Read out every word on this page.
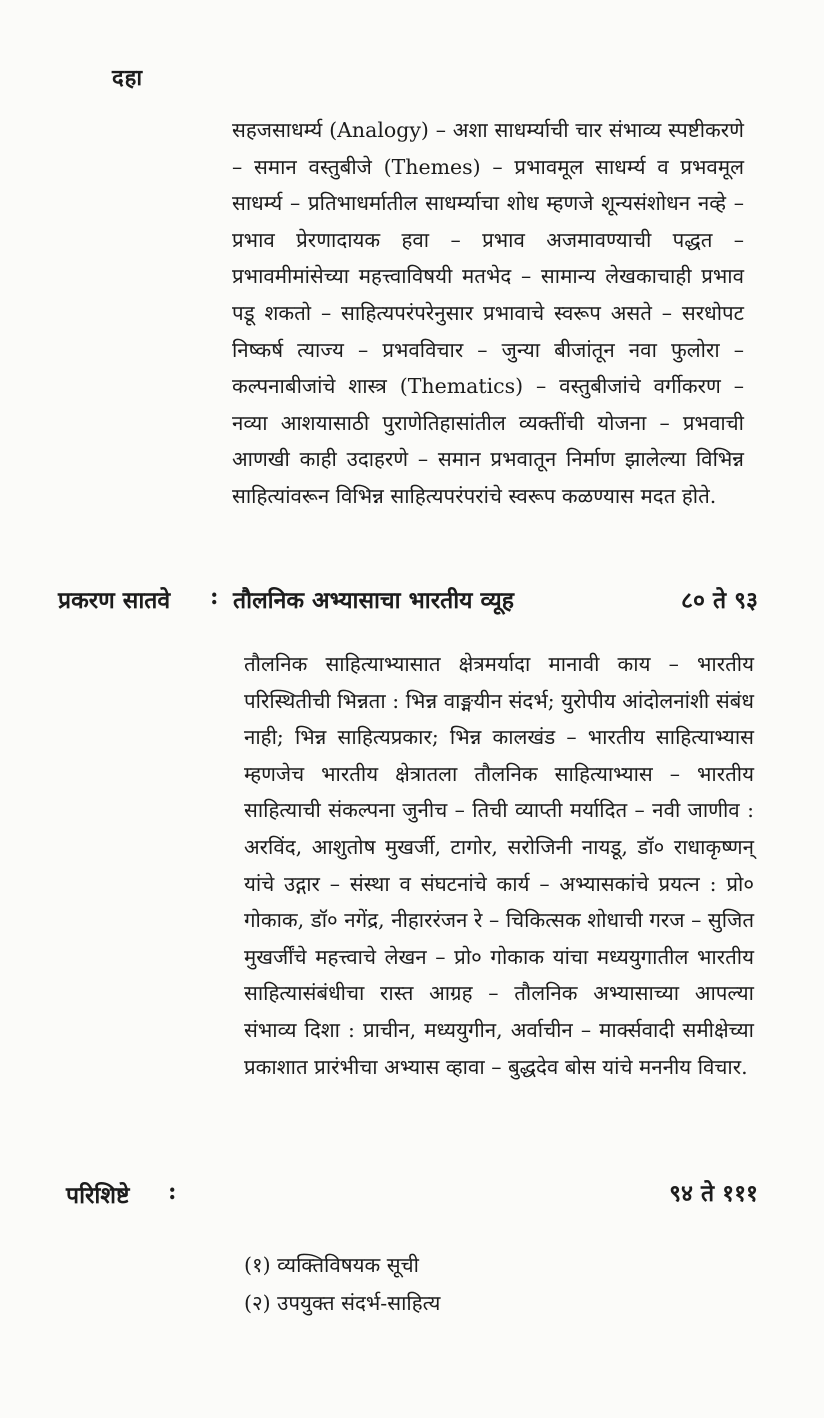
दहा

सहजसाधर्म्य (Analogy) – अशा साधर्म्याची चार संभाव्य स्पष्टीकरणे – समान वस्तुबीजे (Themes) – प्रभावमूल साधर्म्य व प्रभवमूल साधर्म्य – प्रतिभाधर्मातील साधर्म्याचा शोध म्हणजे शून्यसंशोधन नव्हे – प्रभाव प्रेरणादायक हवा – प्रभाव अजमावण्याची पद्धत – प्रभावमीमांसेच्या महत्त्वाविषयी मतभेद – सामान्य लेखकाचाही प्रभाव पडू शकतो – साहित्यपरंपरेनुसार प्रभावाचे स्वरूप असते – सरधोपट निष्कर्ष त्याज्य – प्रभवविचार – जुन्या बीजांतून नवा फुलोरा – कल्पनाबीजांचे शास्त्र (Thematics) – वस्तुबीजांचे वर्गीकरण – नव्या आशयासाठी पुराणेतिहासांतील व्यक्तींची योजना – प्रभवाची आणखी काही उदाहरणे – समान प्रभवातून निर्माण झालेल्या विभिन्न साहित्यांवरून विभिन्न साहित्यपरंपरांचे स्वरूप कळण्यास मदत होते.

प्रकरण सातवे : तौलनिक अभ्यासाचा भारतीय व्यूह	८० ते ९३

तौलनिक साहित्याभ्यासात क्षेत्रमर्यादा मानावी काय – भारतीय परिस्थितीची भिन्नता : भिन्न वाङ्मयीन संदर्भ; युरोपीय आंदोलनांशी संबंध नाही; भिन्न साहित्यप्रकार; भिन्न कालखंड – भारतीय साहित्याभ्यास म्हणजेच भारतीय क्षेत्रातला तौलनिक साहित्याभ्यास – भारतीय साहित्याची संकल्पना जुनीच – तिची व्याप्ती मर्यादित – नवी जाणीव : अरविंद, आशुतोष मुखर्जी, टागोर, सरोजिनी नायडू, डॉ० राधाकृष्णन् यांचे उद्गार – संस्था व संघटनांचे कार्य – अभ्यासकांचे प्रयत्न : प्रो० गोकाक, डॉ० नगेंद्र, नीहाररंजन रे – चिकित्सक शोधाची गरज – सुजित मुखर्जींचे महत्त्वाचे लेखन – प्रो० गोकाक यांचा मध्ययुगातील भारतीय साहित्यासंबंधीचा रास्त आग्रह – तौलनिक अभ्यासाच्या आपल्या संभाव्य दिशा : प्राचीन, मध्ययुगीन, अर्वाचीन – मार्क्सवादी समीक्षेच्या प्रकाशात प्रारंभीचा अभ्यास व्हावा – बुद्धदेव बोस यांचे मननीय विचार.

परिशिष्टे :	९४ ते १११
(१) व्यक्तिविषयक सूची
(२) उपयुक्त संदर्भ-साहित्य
